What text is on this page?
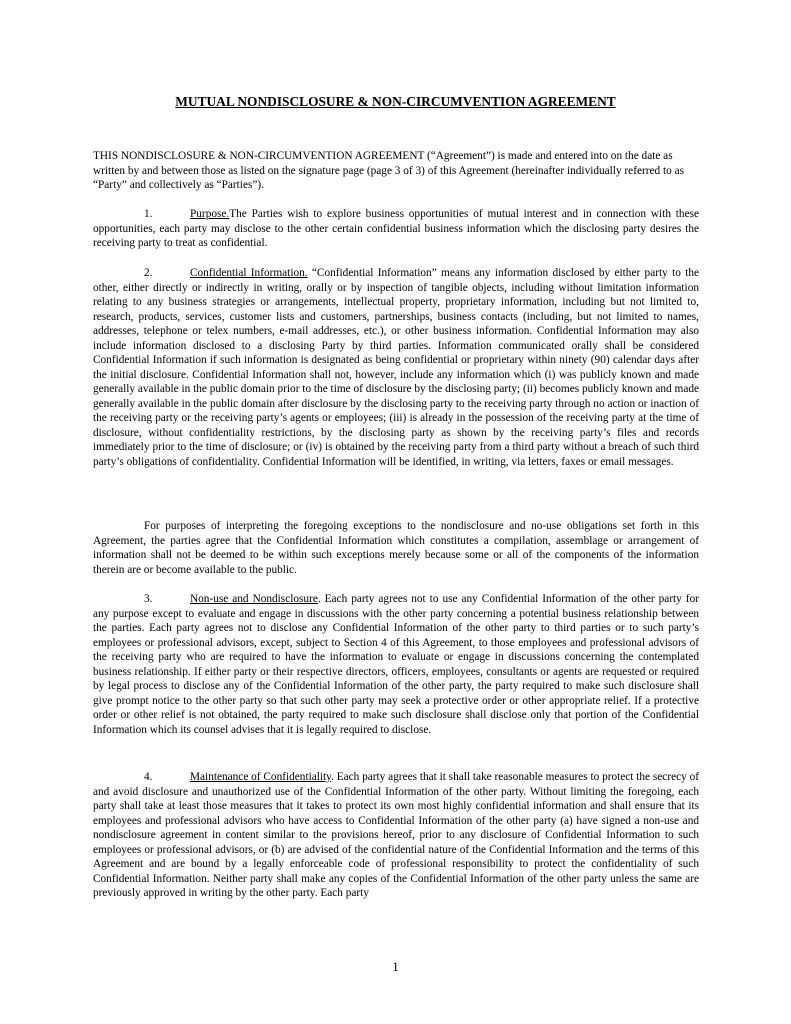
MUTUAL NONDISCLOSURE & NON-CIRCUMVENTION AGREEMENT

THIS NONDISCLOSURE & NON-CIRCUMVENTION AGREEMENT (“Agreement”) is made and entered into on the date as written by and between those as listed on the signature page (page 3 of 3) of this Agreement (hereinafter individually referred to as “Party” and collectively as “Parties”).

1.	Purpose.The Parties wish to explore business opportunities of mutual interest and in connection with these opportunities, each party may disclose to the other certain confidential business information which the disclosing party desires the receiving party to treat as confidential.

2.	Confidential Information. “Confidential Information” means any information disclosed by either party to the other, either directly or indirectly in writing, orally or by inspection of tangible objects, including without limitation information relating to any business strategies or arrangements, intellectual property, proprietary information, including but not limited to, research, products, services, customer lists and customers, partnerships, business contacts (including, but not limited to names, addresses, telephone or telex numbers, e-mail addresses, etc.), or other business information. Confidential Information may also include information disclosed to a disclosing Party by third parties. Information communicated orally shall be considered Confidential Information if such information is designated as being confidential or proprietary within ninety (90) calendar days after the initial disclosure. Confidential Information shall not, however, include any information which (i) was publicly known and made generally available in the public domain prior to the time of disclosure by the disclosing party; (ii) becomes publicly known and made generally available in the public domain after disclosure by the disclosing party to the receiving party through no action or inaction of the receiving party or the receiving party’s agents or employees; (iii) is already in the possession of the receiving party at the time of disclosure, without confidentiality restrictions, by the disclosing party as shown by the receiving party’s files and records immediately prior to the time of disclosure; or (iv) is obtained by the receiving party from a third party without a breach of such third party’s obligations of confidentiality. Confidential Information will be identified, in writing, via letters, faxes or email messages.

For purposes of interpreting the foregoing exceptions to the nondisclosure and no-use obligations set forth in this Agreement, the parties agree that the Confidential Information which constitutes a compilation, assemblage or arrangement of information shall not be deemed to be within such exceptions merely because some or all of the components of the information therein are or become available to the public.

3.	Non-use and Nondisclosure. Each party agrees not to use any Confidential Information of the other party for any purpose except to evaluate and engage in discussions with the other party concerning a potential business relationship between the parties. Each party agrees not to disclose any Confidential Information of the other party to third parties or to such party’s employees or professional advisors, except, subject to Section 4 of this Agreement, to those employees and professional advisors of the receiving party who are required to have the information to evaluate or engage in discussions concerning the contemplated business relationship. If either party or their respective directors, officers, employees, consultants or agents are requested or required by legal process to disclose any of the Confidential Information of the other party, the party required to make such disclosure shall give prompt notice to the other party so that such other party may seek a protective order or other appropriate relief. If a protective order or other relief is not obtained, the party required to make such disclosure shall disclose only that portion of the Confidential Information which its counsel advises that it is legally required to disclose.

4.	Maintenance of Confidentiality. Each party agrees that it shall take reasonable measures to protect the secrecy of and avoid disclosure and unauthorized use of the Confidential Information of the other party. Without limiting the foregoing, each party shall take at least those measures that it takes to protect its own most highly confidential information and shall ensure that its employees and professional advisors who have access to Confidential Information of the other party (a) have signed a non-use and nondisclosure agreement in content similar to the provisions hereof, prior to any disclosure of Confidential Information to such employees or professional advisors, or (b) are advised of the confidential nature of the Confidential Information and the terms of this Agreement and are bound by a legally enforceable code of professional responsibility to protect the confidentiality of such Confidential Information. Neither party shall make any copies of the Confidential Information of the other party unless the same are previously approved in writing by the other party. Each party

1
